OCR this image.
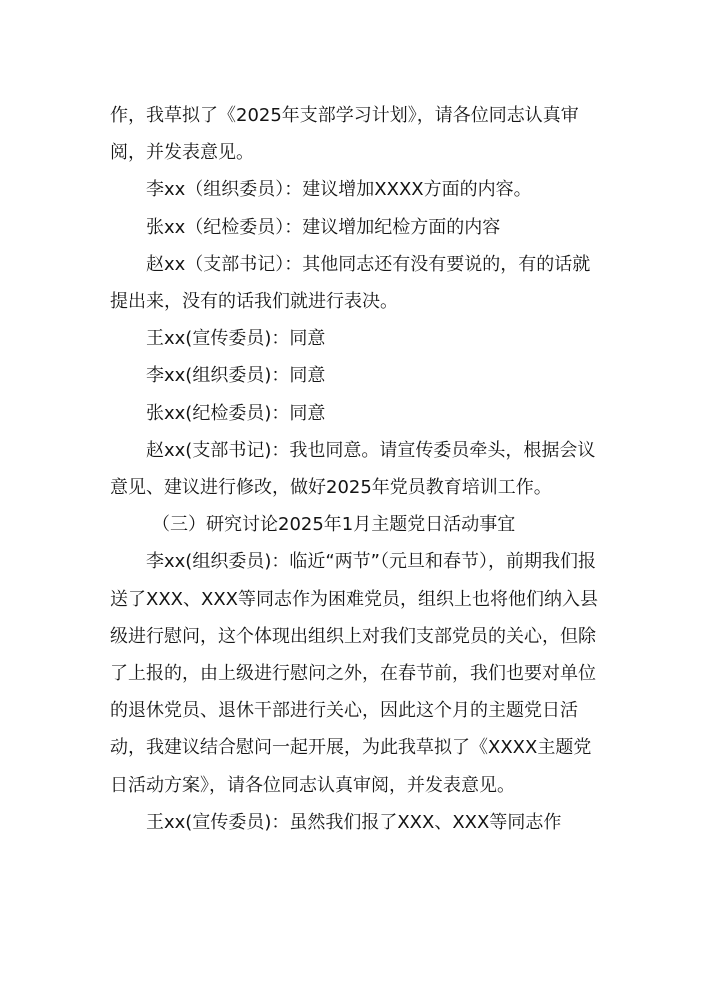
作，我草拟了《2025年支部学习计划》，请各位同志认真审阅，并发表意见。

李xx（组织委员）：建议增加XXXX方面的内容。

张xx（纪检委员）：建议增加纪检方面的内容

赵xx（支部书记）：其他同志还有没有要说的，有的话就提出来，没有的话我们就进行表决。

王xx(宣传委员)：同意

李xx(组织委员)：同意

张xx(纪检委员)：同意

赵xx(支部书记)：我也同意。请宣传委员牵头，根据会议意见、建议进行修改，做好2025年党员教育培训工作。

（三）研究讨论2025年1月主题党日活动事宜

李xx(组织委员)：临近“两节”（元旦和春节），前期我们报送了XXX、XXX等同志作为困难党员，组织上也将他们纳入县级进行慰问，这个体现出组织上对我们支部党员的关心，但除了上报的，由上级进行慰问之外，在春节前，我们也要对单位的退休党员、退休干部进行关心，因此这个月的主题党日活动，我建议结合慰问一起开展，为此我草拟了《XXXX主题党日活动方案》，请各位同志认真审阅，并发表意见。

王xx(宣传委员)：虽然我们报了XXX、XXX等同志作
